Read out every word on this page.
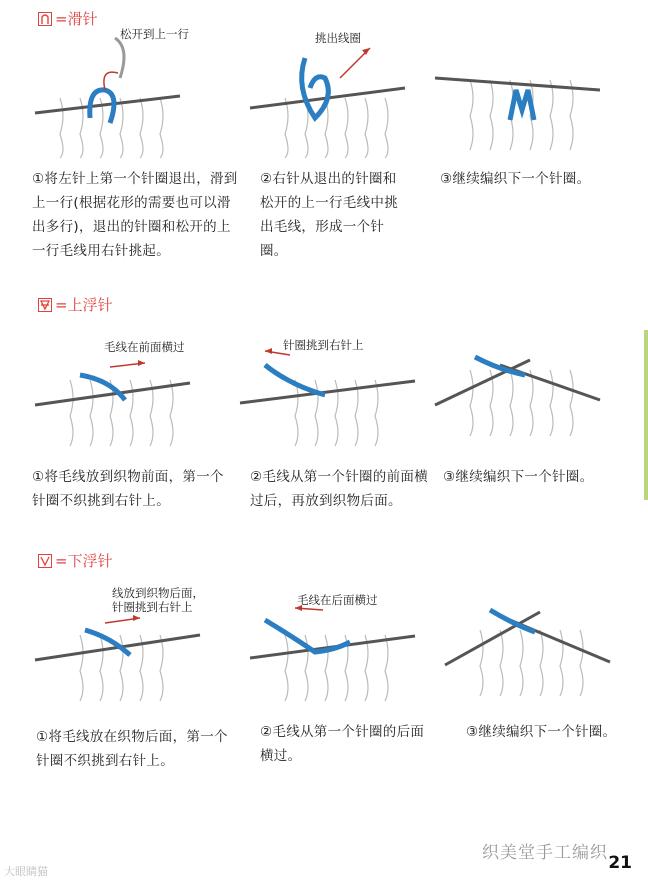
=滑针
松开到上一行	挑出线圈
①将左针上第一个针圈退出，滑到上一行(根据花形的需要也可以滑出多行)，退出的针圈和松开的上一行毛线用右针挑起。
②右针从退出的针圈和松开的上一行毛线中挑出毛线，形成一个针圈。
③继续编织下一个针圈。
=上浮针
毛线在前面横过	针圈挑到右针上
①将毛线放到织物前面，第一个针圈不织挑到右针上。
②毛线从第一个针圈的前面横过后，再放到织物后面。
③继续编织下一个针圈。
=下浮针
线放到织物后面，
针圈挑到右针上	毛线在后面横过
①将毛线放在织物后面，第一个针圈不织挑到右针上。
②毛线从第一个针圈的后面横过。
③继续编织下一个针圈。
大眼睛猫
织美堂手工编织 21
